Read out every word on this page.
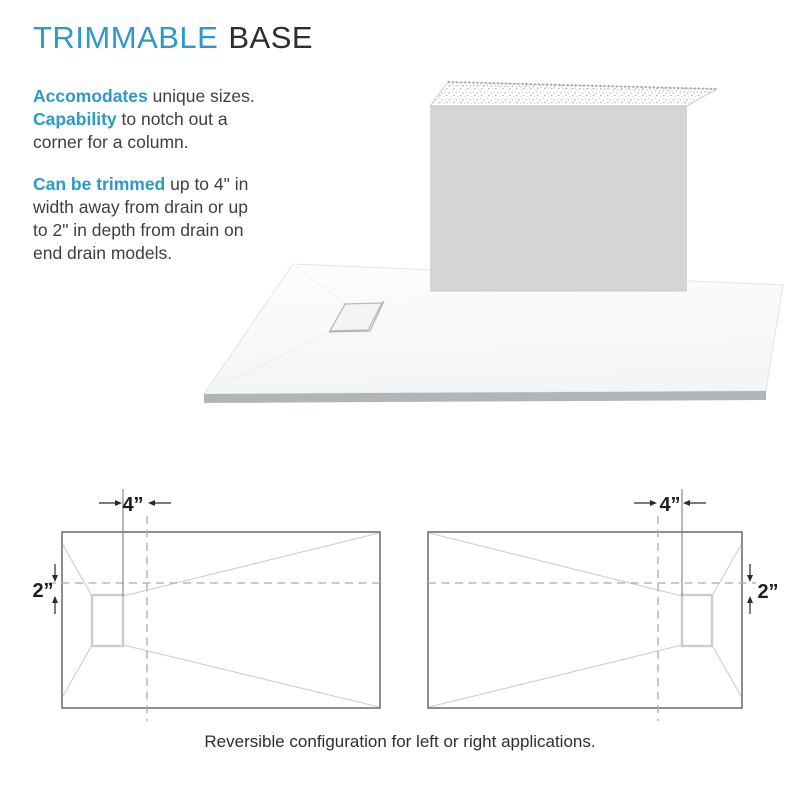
TRIMMABLE BASE
Accomodates unique sizes.
Capability to notch out a
corner for a column.
Can be trimmed up to 4" in
width away from drain or up
to 2" in depth from drain on
end drain models.
4”
2”
4”
2”
Reversible configuration for left or right applications.
